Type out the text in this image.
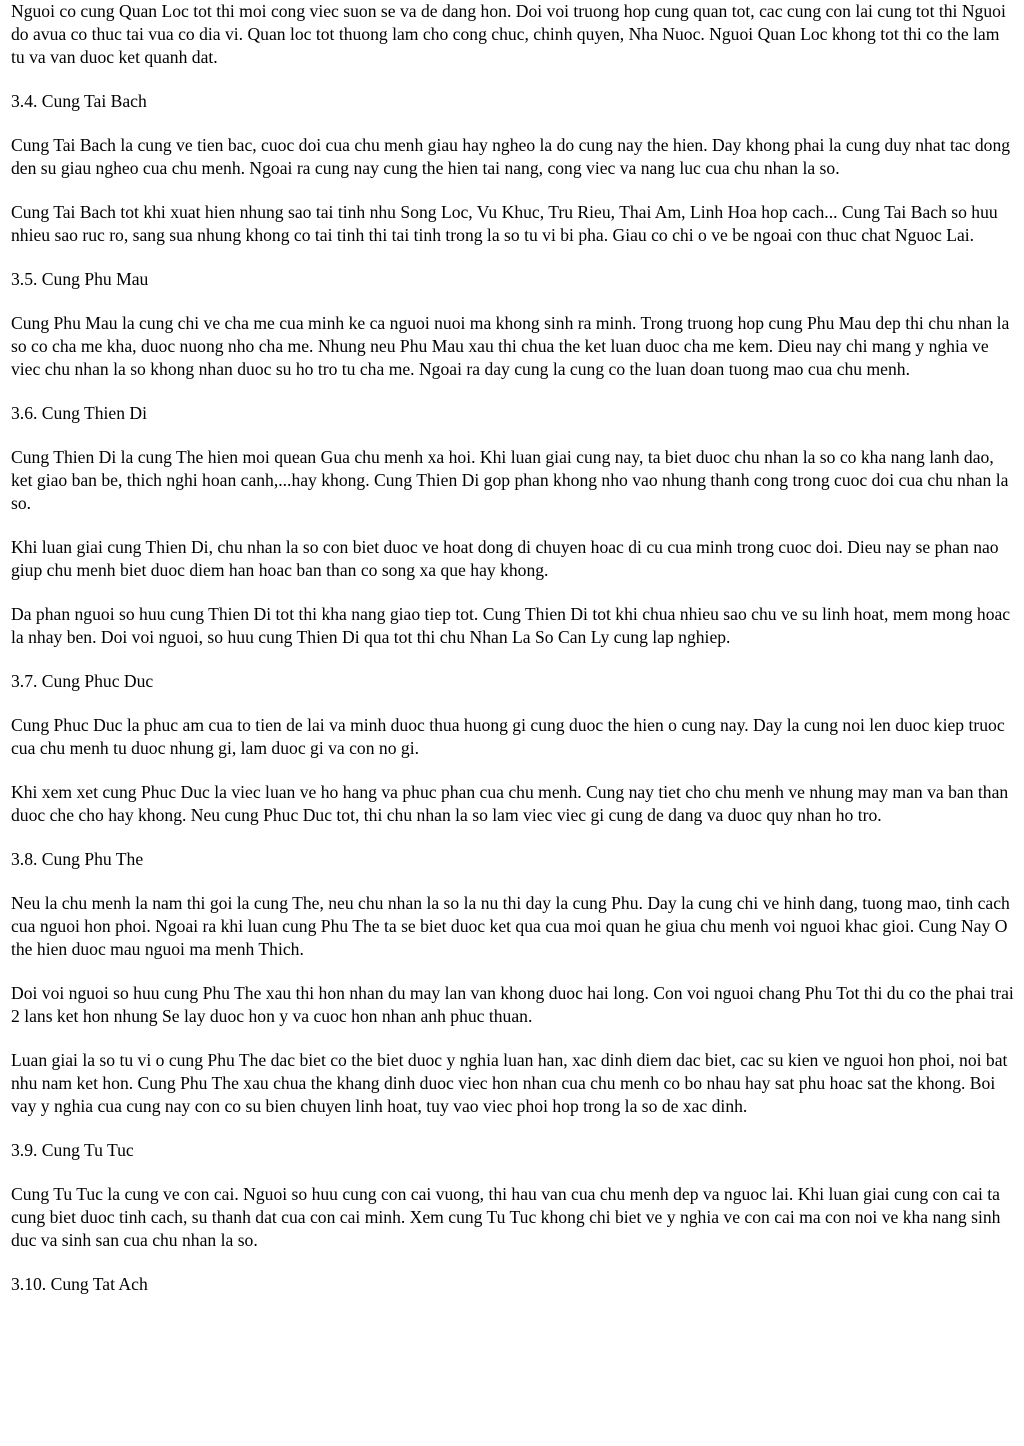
Nguoi co cung Quan Loc tot thi moi cong viec suon se va de dang hon. Doi voi truong hop cung quan tot, cac cung con lai cung tot thi Nguoi do avua co thuc tai vua co dia vi. Quan loc tot thuong lam cho cong chuc, chinh quyen, Nha Nuoc. Nguoi Quan Loc khong tot thi co the lam tu va van duoc ket quanh dat.

3.4. Cung Tai Bach

Cung Tai Bach la cung ve tien bac, cuoc doi cua chu menh giau hay ngheo la do cung nay the hien. Day khong phai la cung duy nhat tac dong den su giau ngheo cua chu menh. Ngoai ra cung nay cung the hien tai nang, cong viec va nang luc cua chu nhan la so.

Cung Tai Bach tot khi xuat hien nhung sao tai tinh nhu Song Loc, Vu Khuc, Tru Rieu, Thai Am, Linh Hoa hop cach... Cung Tai Bach so huu nhieu sao ruc ro, sang sua nhung khong co tai tinh thi tai tinh trong la so tu vi bi pha. Giau co chi o ve be ngoai con thuc chat Nguoc Lai.

3.5. Cung Phu Mau

Cung Phu Mau la cung chi ve cha me cua minh ke ca nguoi nuoi ma khong sinh ra minh. Trong truong hop cung Phu Mau dep thi chu nhan la so co cha me kha, duoc nuong nho cha me. Nhung neu Phu Mau xau thi chua the ket luan duoc cha me kem. Dieu nay chi mang y nghia ve viec chu nhan la so khong nhan duoc su ho tro tu cha me. Ngoai ra day cung la cung co the luan doan tuong mao cua chu menh.

3.6. Cung Thien Di

Cung Thien Di la cung The hien moi quean Gua chu menh xa hoi. Khi luan giai cung nay, ta biet duoc chu nhan la so co kha nang lanh dao, ket giao ban be, thich nghi hoan canh,...hay khong. Cung Thien Di gop phan khong nho vao nhung thanh cong trong cuoc doi cua chu nhan la so.

Khi luan giai cung Thien Di, chu nhan la so con biet duoc ve hoat dong di chuyen hoac di cu cua minh trong cuoc doi. Dieu nay se phan nao giup chu menh biet duoc diem han hoac ban than co song xa que hay khong.

Da phan nguoi so huu cung Thien Di tot thi kha nang giao tiep tot. Cung Thien Di tot khi chua nhieu sao chu ve su linh hoat, mem mong hoac la nhay ben. Doi voi nguoi, so huu cung Thien Di qua tot thi chu Nhan La So Can Ly cung lap nghiep.

3.7. Cung Phuc Duc

Cung Phuc Duc la phuc am cua to tien de lai va minh duoc thua huong gi cung duoc the hien o cung nay. Day la cung noi len duoc kiep truoc cua chu menh tu duoc nhung gi, lam duoc gi va con no gi.

Khi xem xet cung Phuc Duc la viec luan ve ho hang va phuc phan cua chu menh. Cung nay tiet cho chu menh ve nhung may man va ban than duoc che cho hay khong. Neu cung Phuc Duc tot, thi chu nhan la so lam viec viec gi cung de dang va duoc quy nhan ho tro.

3.8. Cung Phu The

Neu la chu menh la nam thi goi la cung The, neu chu nhan la so la nu thi day la cung Phu. Day la cung chi ve hinh dang, tuong mao, tinh cach cua nguoi hon phoi. Ngoai ra khi luan cung Phu The ta se biet duoc ket qua cua moi quan he giua chu menh voi nguoi khac gioi. Cung Nay O the hien duoc mau nguoi ma menh Thich.

Doi voi nguoi so huu cung Phu The xau thi hon nhan du may lan van khong duoc hai long. Con voi nguoi chang Phu Tot thi du co the phai trai 2 lans ket hon nhung Se lay duoc hon y va cuoc hon nhan anh phuc thuan.

Luan giai la so tu vi o cung Phu The dac biet co the biet duoc y nghia luan han, xac dinh diem dac biet, cac su kien ve nguoi hon phoi, noi bat nhu nam ket hon. Cung Phu The xau chua the khang dinh duoc viec hon nhan cua chu menh co bo nhau hay sat phu hoac sat the khong. Boi vay y nghia cua cung nay con co su bien chuyen linh hoat, tuy vao viec phoi hop trong la so de xac dinh.

3.9. Cung Tu Tuc

Cung Tu Tuc la cung ve con cai. Nguoi so huu cung con cai vuong, thi hau van cua chu menh dep va nguoc lai. Khi luan giai cung con cai ta cung biet duoc tinh cach, su thanh dat cua con cai minh. Xem cung Tu Tuc khong chi biet ve y nghia ve con cai ma con noi ve kha nang sinh duc va sinh san cua chu nhan la so.

3.10. Cung Tat Ach
